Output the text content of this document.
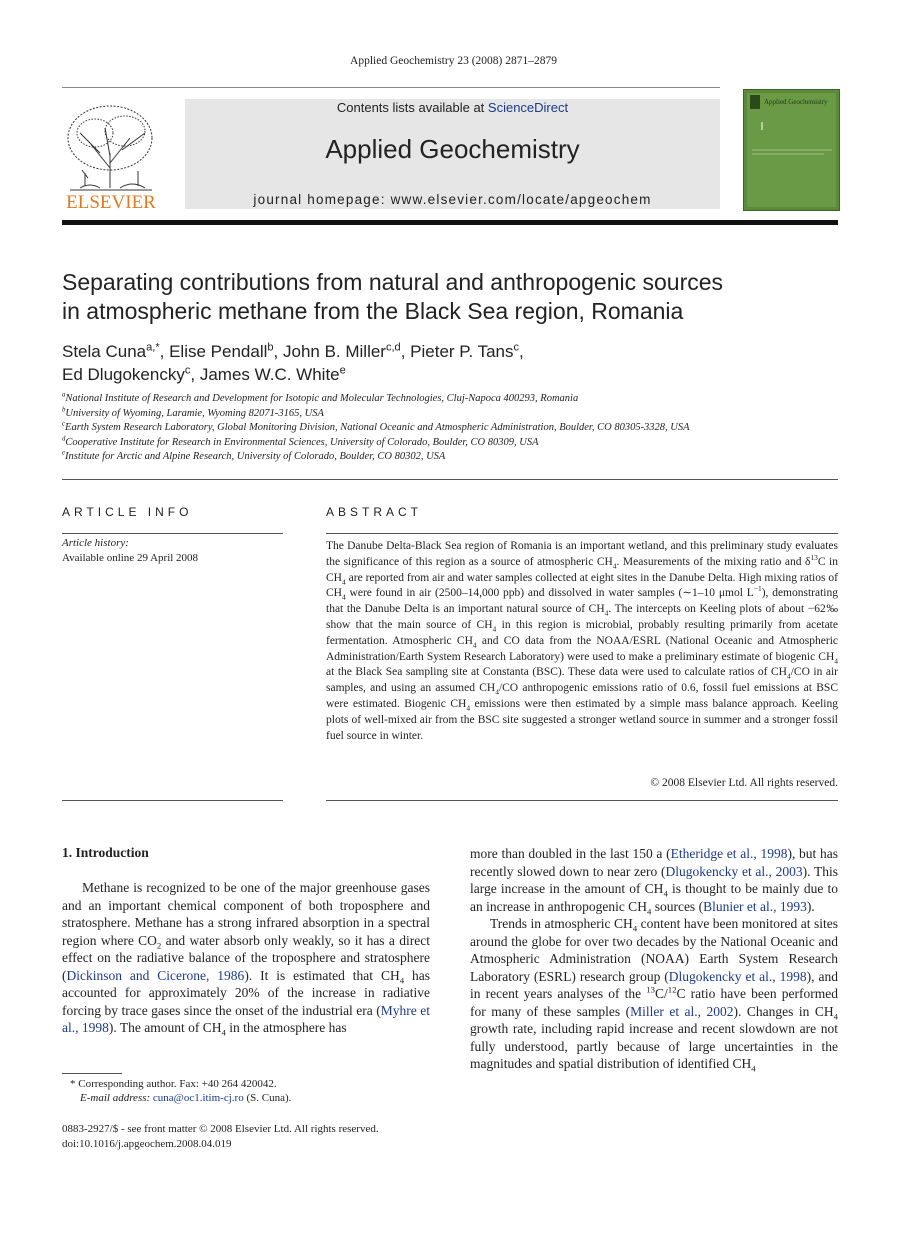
Applied Geochemistry 23 (2008) 2871–2879
ELSEVIER
Contents lists available at ScienceDirect
Applied Geochemistry
journal homepage: www.elsevier.com/locate/apgeochem
Applied Geochemistry
Separating contributions from natural and anthropogenic sources
in atmospheric methane from the Black Sea region, Romania
Stela Cuna$^{a,*}$, Elise Pendall$^b$, John B. Miller$^{c,d}$, Pieter P. Tans$^c$,
Ed Dlugokencky$^c$, James W.C. White$^e$
$^a$National Institute of Research and Development for Isotopic and Molecular Technologies, Cluj-Napoca 400293, Romania
$^b$University of Wyoming, Laramie, Wyoming 82071-3165, USA
$^c$Earth System Research Laboratory, Global Monitoring Division, National Oceanic and Atmospheric Administration, Boulder, CO 80305-3328, USA
$^d$Cooperative Institute for Research in Environmental Sciences, University of Colorado, Boulder, CO 80309, USA
$^e$Institute for Arctic and Alpine Research, University of Colorado, Boulder, CO 80302, USA
ARTICLE INFO	ABSTRACT
Article history:
Available online 29 April 2008
The Danube Delta-Black Sea region of Romania is an important wetland, and this preliminary study evaluates the significance of this region as a source of atmospheric $CH_4$. Measurements of the mixing ratio and $\delta^{13}C$ in $CH_4$ are reported from air and water samples collected at eight sites in the Danube Delta. High mixing ratios of $CH_4$ were found in air (2500–14,000 ppb) and dissolved in water samples (∼1–10 μmol $L^{-1}$), demonstrating that the Danube Delta is an important natural source of $CH_4$. The intercepts on Keeling plots of about −62‰ show that the main source of $CH_4$ in this region is microbial, probably resulting primarily from acetate fermentation. Atmospheric $CH_4$ and CO data from the NOAA/ESRL (National Oceanic and Atmospheric Administration/Earth System Research Laboratory) were used to make a preliminary estimate of biogenic $CH_4$ at the Black Sea sampling site at Constanta (BSC). These data were used to calculate ratios of $CH_4/CO$ in air samples, and using an assumed $CH_4/CO$ anthropogenic emissions ratio of 0.6, fossil fuel emissions at BSC were estimated. Biogenic $CH_4$ emissions were then estimated by a simple mass balance approach. Keeling plots of well-mixed air from the BSC site suggested a stronger wetland source in summer and a stronger fossil fuel source in winter.
© 2008 Elsevier Ltd. All rights reserved.
1. Introduction

Methane is recognized to be one of the major greenhouse gases and an important chemical component of both troposphere and stratosphere. Methane has a strong infrared absorption in a spectral region where $CO_2$ and water absorb only weakly, so it has a direct effect on the radiative balance of the troposphere and stratosphere (Dickinson and Cicerone, 1986). It is estimated that $CH_4$ has accounted for approximately 20% of the increase in radiative forcing by trace gases since the onset of the industrial era (Myhre et al., 1998). The amount of $CH_4$ in the atmosphere has

more than doubled in the last 150 a (Etheridge et al., 1998), but has recently slowed down to near zero (Dlugokencky et al., 2003). This large increase in the amount of $CH_4$ is thought to be mainly due to an increase in anthropogenic $CH_4$ sources (Blunier et al., 1993).

Trends in atmospheric $CH_4$ content have been monitored at sites around the globe for over two decades by the National Oceanic and Atmospheric Administration (NOAA) Earth System Research Laboratory (ESRL) research group (Dlugokencky et al., 1998), and in recent years analyses of the $^{13}$C/$^{12}$C ratio have been performed for many of these samples (Miller et al., 2002). Changes in $CH_4$ growth rate, including rapid increase and recent slowdown are not fully understood, partly because of large uncertainties in the magnitudes and spatial distribution of identified $CH_4$

* Corresponding author. Fax: +40 264 420042.
E-mail address: cuna@oc1.itim-cj.ro (S. Cuna).
0883-2927/$ - see front matter © 2008 Elsevier Ltd. All rights reserved.
doi:10.1016/j.apgeochem.2008.04.019
